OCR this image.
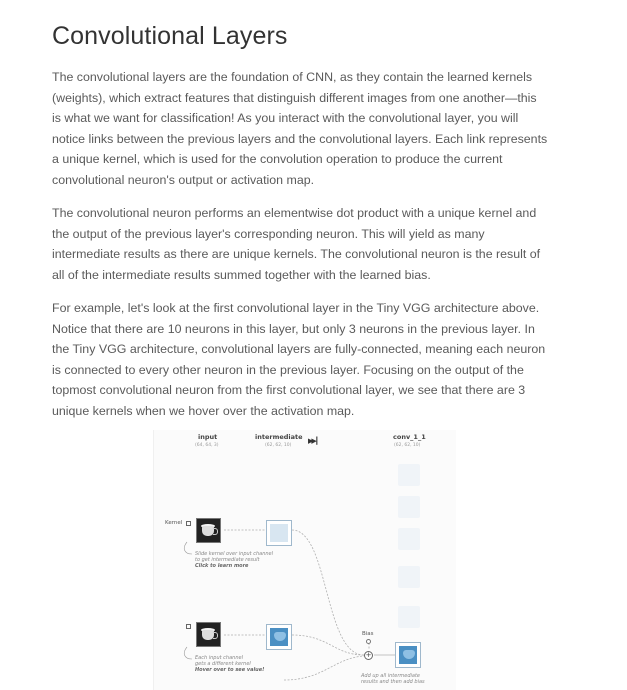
Convolutional Layers

The convolutional layers are the foundation of CNN, as they contain the learned kernels
(weights), which extract features that distinguish different images from one another—this
is what we want for classification! As you interact with the convolutional layer, you will
notice links between the previous layers and the convolutional layers. Each link represents
a unique kernel, which is used for the convolution operation to produce the current
convolutional neuron's output or activation map.

The convolutional neuron performs an elementwise dot product with a unique kernel and
the output of the previous layer's corresponding neuron. This will yield as many
intermediate results as there are unique kernels. The convolutional neuron is the result of
all of the intermediate results summed together with the learned bias.

For example, let's look at the first convolutional layer in the Tiny VGG architecture above.
Notice that there are 10 neurons in this layer, but only 3 neurons in the previous layer. In
the Tiny VGG architecture, convolutional layers are fully-connected, meaning each neuron
is connected to every other neuron in the previous layer. Focusing on the output of the
topmost convolutional neuron from the first convolutional layer, we see that there are 3
unique kernels when we hover over the activation map.

input
(64, 64, 3)
intermediate
(62, 62, 10)
▶▶┃	conv_1_1
(62, 62, 10)
Kernel
Slide kernel over input channel
to get intermediate result
Click to learn more
Each input channel
gets a different kernel
Hover over to see value!
Bias
+
Add up all intermediate
results and then add bias
